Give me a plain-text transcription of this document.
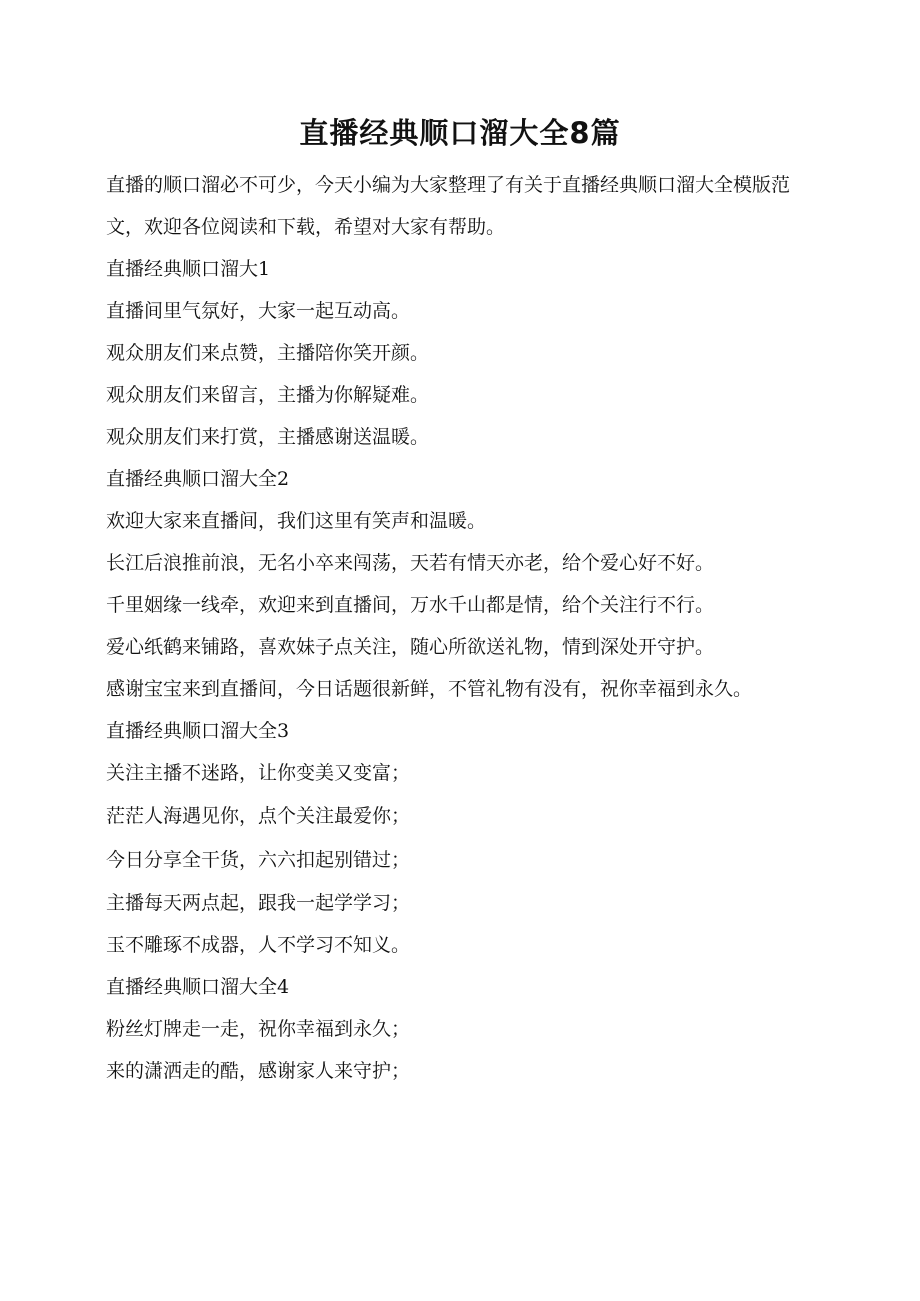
直播经典顺口溜大全8篇

直播的顺口溜必不可少，今天小编为大家整理了有关于直播经典顺口溜大全模版范文，欢迎各位阅读和下载，希望对大家有帮助。

直播经典顺口溜大1

直播间里气氛好，大家一起互动高。

观众朋友们来点赞，主播陪你笑开颜。

观众朋友们来留言，主播为你解疑难。

观众朋友们来打赏，主播感谢送温暖。

直播经典顺口溜大全2

欢迎大家来直播间，我们这里有笑声和温暖。

长江后浪推前浪，无名小卒来闯荡，天若有情天亦老，给个爱心好不好。

千里姻缘一线牵，欢迎来到直播间，万水千山都是情，给个关注行不行。

爱心纸鹤来铺路，喜欢妹子点关注，随心所欲送礼物，情到深处开守护。

感谢宝宝来到直播间，今日话题很新鲜，不管礼物有没有，祝你幸福到永久。

直播经典顺口溜大全3

关注主播不迷路，让你变美又变富；

茫茫人海遇见你，点个关注最爱你；

今日分享全干货，六六扣起别错过；

主播每天两点起，跟我一起学学习；

玉不雕琢不成器，人不学习不知义。

直播经典顺口溜大全4

粉丝灯牌走一走，祝你幸福到永久；

来的潇洒走的酷，感谢家人来守护；
